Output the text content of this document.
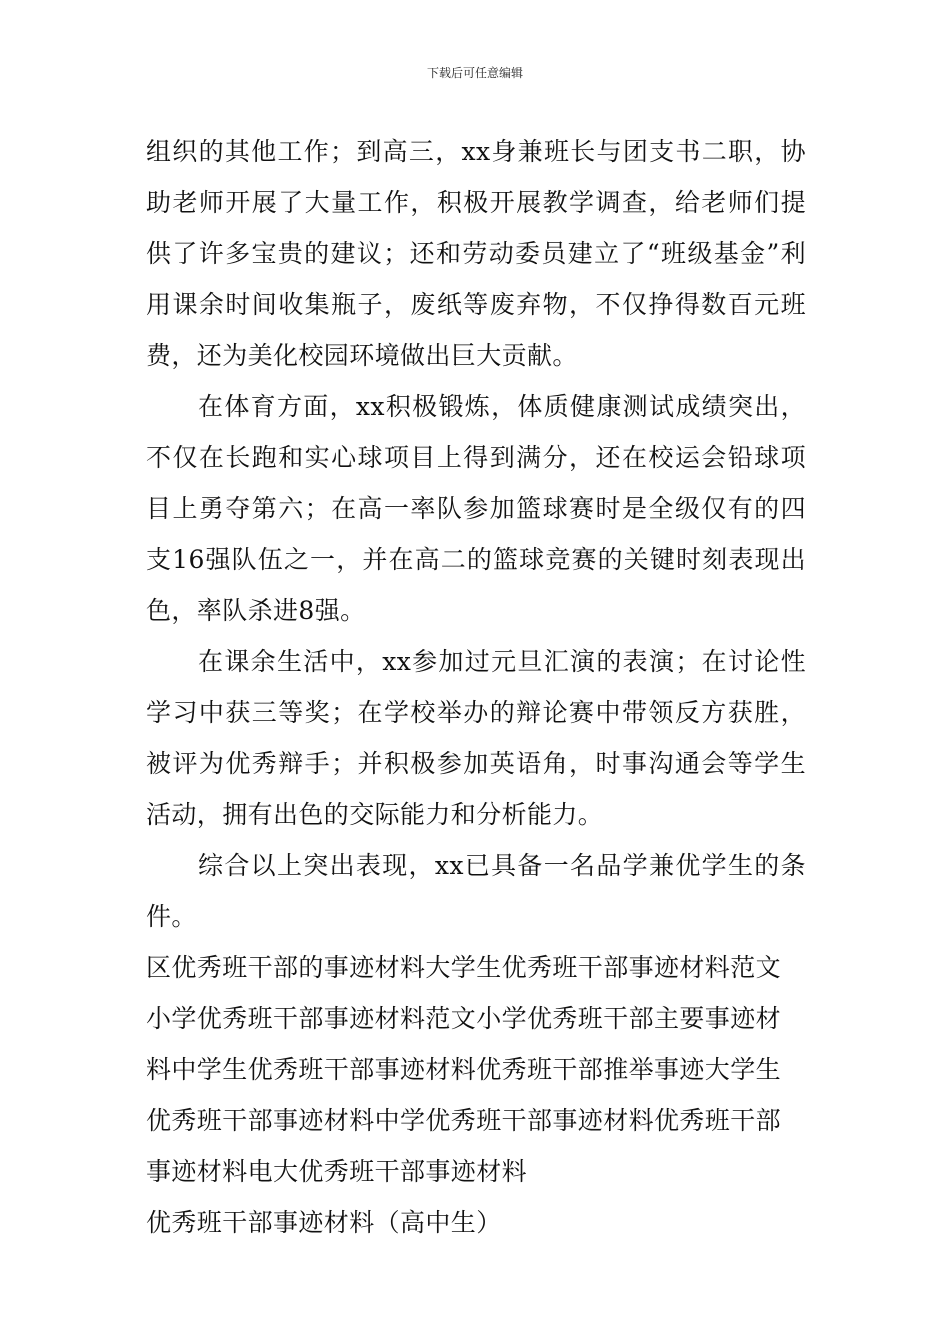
下载后可任意编辑

组织的其他工作；到高三，xx身兼班长与团支书二职，协助老师开展了大量工作，积极开展教学调查，给老师们提供了许多宝贵的建议；还和劳动委员建立了“班级基金”利用课余时间收集瓶子，废纸等废弃物，不仅挣得数百元班费，还为美化校园环境做出巨大贡献。

在体育方面，xx积极锻炼，体质健康测试成绩突出，不仅在长跑和实心球项目上得到满分，还在校运会铅球项目上勇夺第六；在高一率队参加篮球赛时是全级仅有的四支16强队伍之一，并在高二的篮球竞赛的关键时刻表现出色，率队杀进8强。

在课余生活中，xx参加过元旦汇演的表演；在讨论性学习中获三等奖；在学校举办的辩论赛中带领反方获胜，被评为优秀辩手；并积极参加英语角，时事沟通会等学生活动，拥有出色的交际能力和分析能力。

综合以上突出表现，xx已具备一名品学兼优学生的条件。

区优秀班干部的事迹材料大学生优秀班干部事迹材料范文小学优秀班干部事迹材料范文小学优秀班干部主要事迹材料中学生优秀班干部事迹材料优秀班干部推举事迹大学生优秀班干部事迹材料中学优秀班干部事迹材料优秀班干部事迹材料电大优秀班干部事迹材料

优秀班干部事迹材料（高中生）
